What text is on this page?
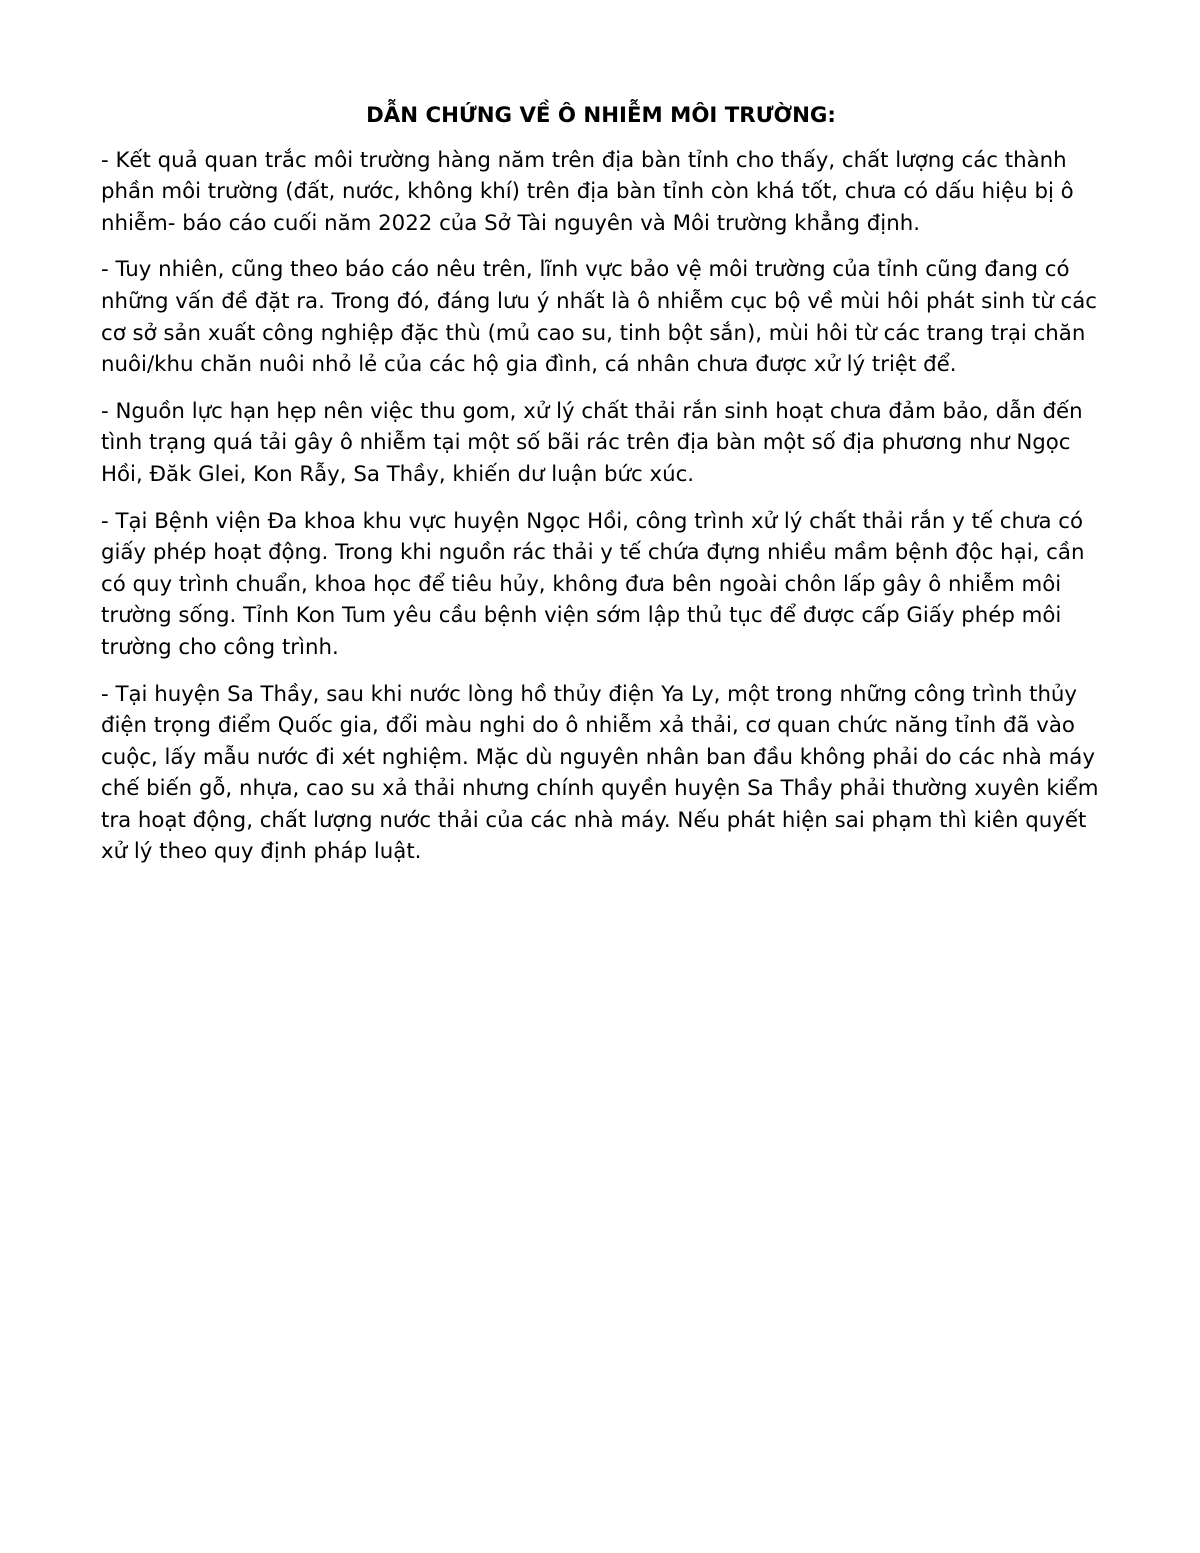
DẪN CHỨNG VỀ Ô NHIỄM MÔI TRƯỜNG:

- Kết quả quan trắc môi trường hàng năm trên địa bàn tỉnh cho thấy, chất lượng các thành phần môi trường (đất, nước, không khí) trên địa bàn tỉnh còn khá tốt, chưa có dấu hiệu bị ô nhiễm- báo cáo cuối năm 2022 của Sở Tài nguyên và Môi trường khẳng định.

- Tuy nhiên, cũng theo báo cáo nêu trên, lĩnh vực bảo vệ môi trường của tỉnh cũng đang có những vấn đề đặt ra. Trong đó, đáng lưu ý nhất là ô nhiễm cục bộ về mùi hôi phát sinh từ các cơ sở sản xuất công nghiệp đặc thù (mủ cao su, tinh bột sắn), mùi hôi từ các trang trại chăn nuôi/khu chăn nuôi nhỏ lẻ của các hộ gia đình, cá nhân chưa được xử lý triệt để.

- Nguồn lực hạn hẹp nên việc thu gom, xử lý chất thải rắn sinh hoạt chưa đảm bảo, dẫn đến tình trạng quá tải gây ô nhiễm tại một số bãi rác trên địa bàn một số địa phương như Ngọc Hồi, Đăk Glei, Kon Rẫy, Sa Thầy, khiến dư luận bức xúc.

- Tại Bệnh viện Đa khoa khu vực huyện Ngọc Hồi, công trình xử lý chất thải rắn y tế chưa có giấy phép hoạt động. Trong khi nguồn rác thải y tế chứa đựng nhiều mầm bệnh độc hại, cần có quy trình chuẩn, khoa học để tiêu hủy, không đưa bên ngoài chôn lấp gây ô nhiễm môi trường sống. Tỉnh Kon Tum yêu cầu bệnh viện sớm lập thủ tục để được cấp Giấy phép môi trường cho công trình.

- Tại huyện Sa Thầy, sau khi nước lòng hồ thủy điện Ya Ly, một trong những công trình thủy điện trọng điểm Quốc gia, đổi màu nghi do ô nhiễm xả thải, cơ quan chức năng tỉnh đã vào cuộc, lấy mẫu nước đi xét nghiệm. Mặc dù nguyên nhân ban đầu không phải do các nhà máy chế biến gỗ, nhựa, cao su xả thải nhưng chính quyền huyện Sa Thầy phải thường xuyên kiểm tra hoạt động, chất lượng nước thải của các nhà máy. Nếu phát hiện sai phạm thì kiên quyết xử lý theo quy định pháp luật.
